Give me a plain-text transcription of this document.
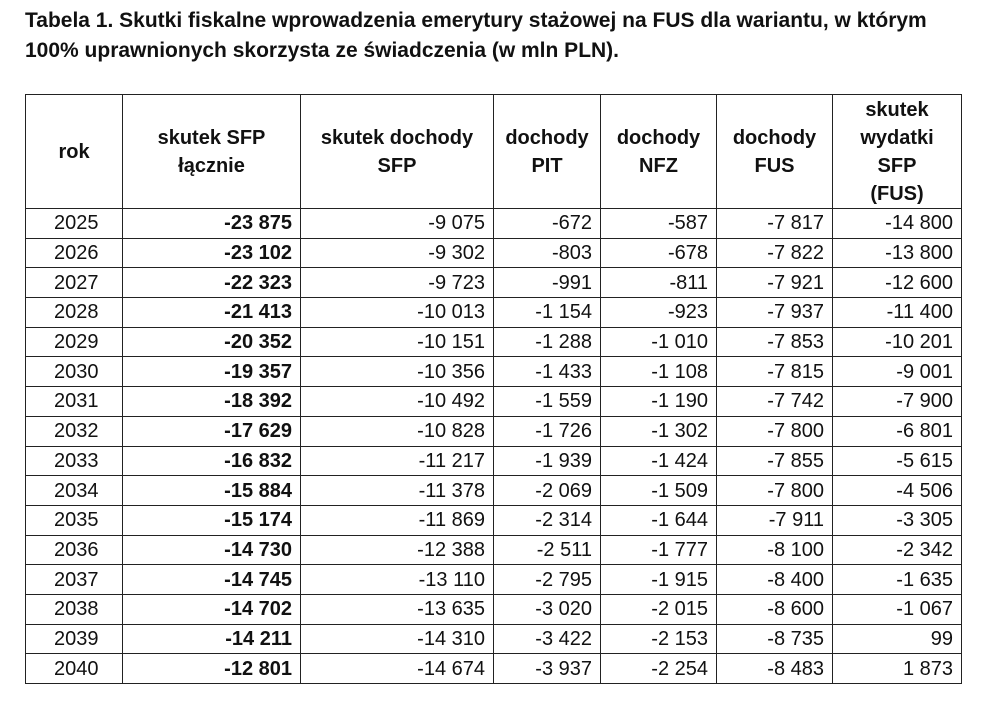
Tabela 1. Skutki fiskalne wprowadzenia emerytury stażowej na FUS dla wariantu, w którym 100% uprawnionych skorzysta ze świadczenia (w mln PLN).

rok	skutek SFP łącznie	skutek dochody SFP	dochody PIT	dochody NFZ	dochody FUS	skutek wydatki SFP (FUS)

2025	-23 875	-9 075	-672	-587	-7 817	-14 800
2026	-23 102	-9 302	-803	-678	-7 822	-13 800
2027	-22 323	-9 723	-991	-811	-7 921	-12 600
2028	-21 413	-10 013	-1 154	-923	-7 937	-11 400
2029	-20 352	-10 151	-1 288	-1 010	-7 853	-10 201
2030	-19 357	-10 356	-1 433	-1 108	-7 815	-9 001
2031	-18 392	-10 492	-1 559	-1 190	-7 742	-7 900
2032	-17 629	-10 828	-1 726	-1 302	-7 800	-6 801
2033	-16 832	-11 217	-1 939	-1 424	-7 855	-5 615
2034	-15 884	-11 378	-2 069	-1 509	-7 800	-4 506
2035	-15 174	-11 869	-2 314	-1 644	-7 911	-3 305
2036	-14 730	-12 388	-2 511	-1 777	-8 100	-2 342
2037	-14 745	-13 110	-2 795	-1 915	-8 400	-1 635
2038	-14 702	-13 635	-3 020	-2 015	-8 600	-1 067
2039	-14 211	-14 310	-3 422	-2 153	-8 735	99
2040	-12 801	-14 674	-3 937	-2 254	-8 483	1 873
